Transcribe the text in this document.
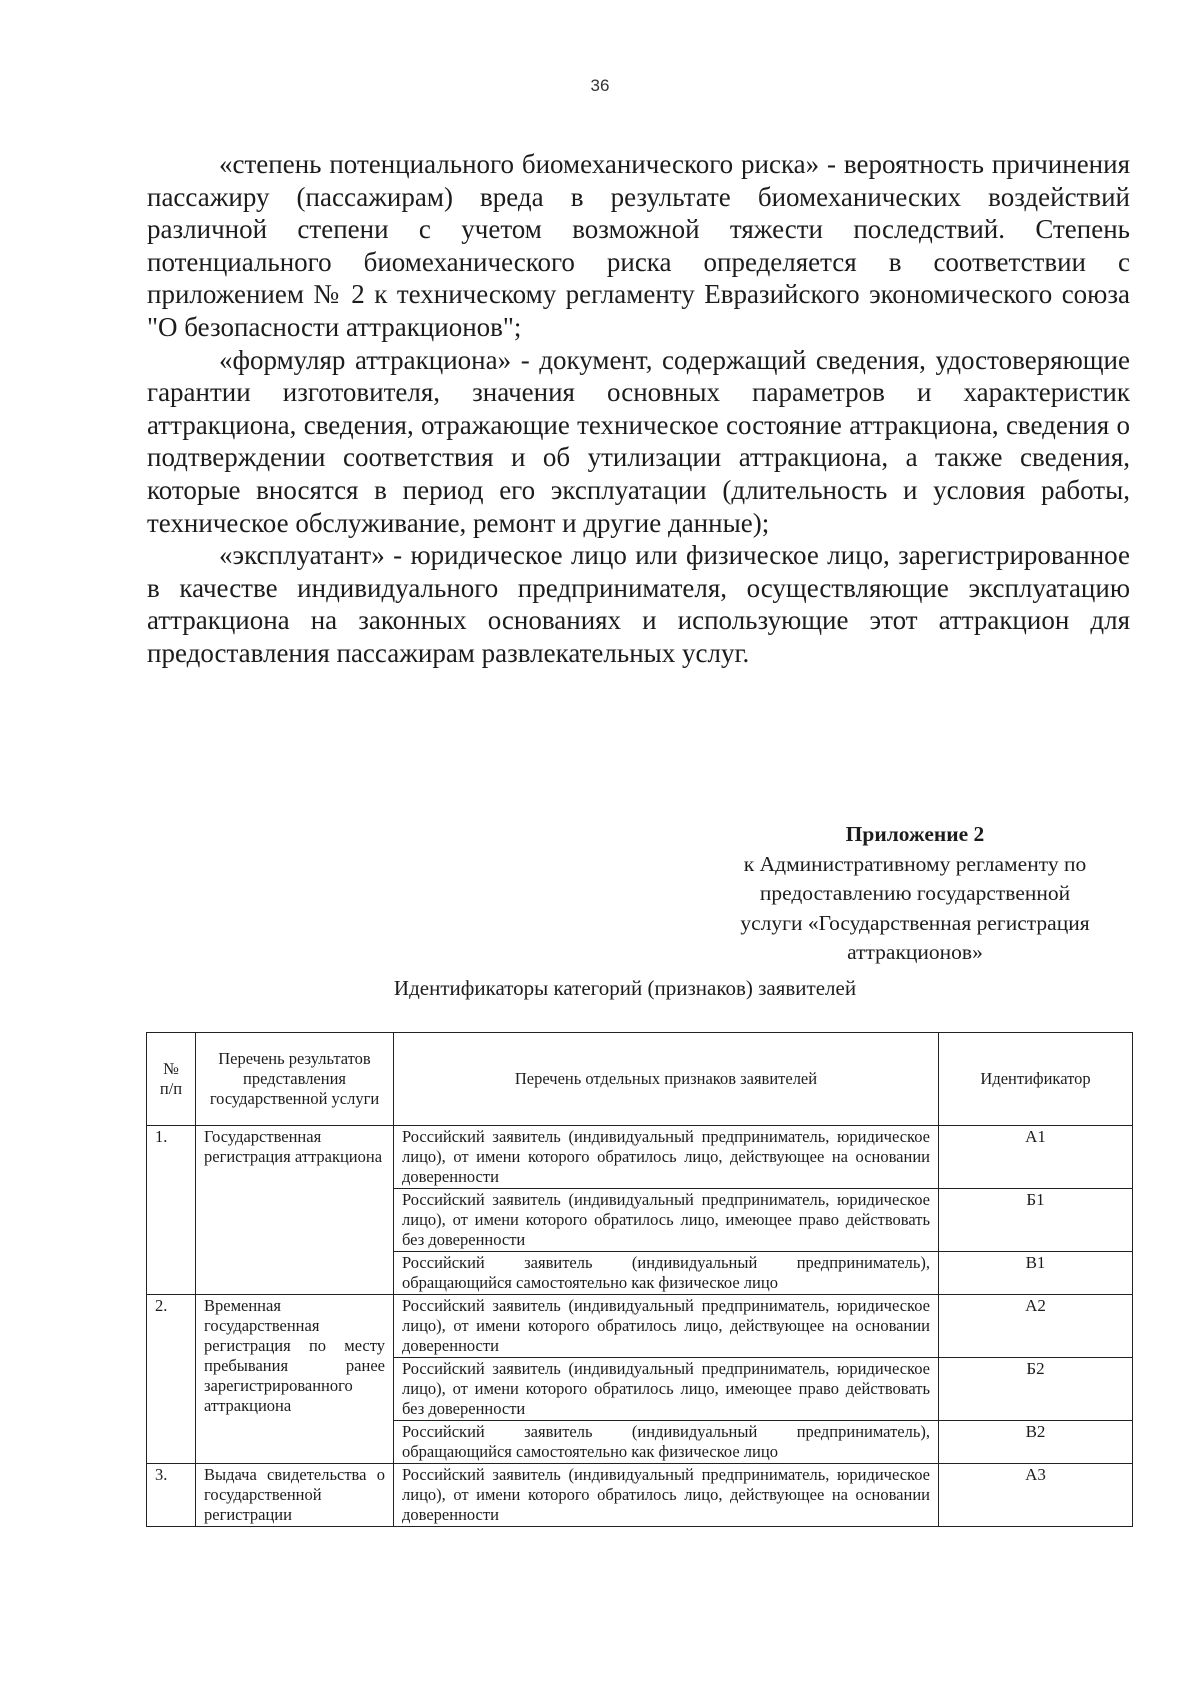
36

«степень потенциального биомеханического риска» - вероятность причинения пассажиру (пассажирам) вреда в результате биомеханических воздействий различной степени с учетом возможной тяжести последствий. Степень потенциального биомеханического риска определяется в соответствии с приложением № 2 к техническому регламенту Евразийского экономического союза "О безопасности аттракционов";

«формуляр аттракциона» - документ, содержащий сведения, удостоверяющие гарантии изготовителя, значения основных параметров и характеристик аттракциона, сведения, отражающие техническое состояние аттракциона, сведения о подтверждении соответствия и об утилизации аттракциона, а также сведения, которые вносятся в период его эксплуатации (длительность и условия работы, техническое обслуживание, ремонт и другие данные);

«эксплуатант» - юридическое лицо или физическое лицо, зарегистрированное в качестве индивидуального предпринимателя, осуществляющие эксплуатацию аттракциона на законных основаниях и использующие этот аттракцион для предоставления пассажирам развлекательных услуг.

Приложение 2
к Административному регламенту по
предоставлению государственной
услуги «Государственная регистрация
аттракционов»
Идентификаторы категорий (признаков) заявителей
№ п/п	Перечень результатов представления государственной услуги	Перечень отдельных признаков заявителей	Идентификатор
1.	Государственная регистрация аттракциона	Российский заявитель (индивидуальный предприниматель, юридическое лицо), от имени которого обратилось лицо, действующее на основании доверенности	А1
		Российский заявитель (индивидуальный предприниматель, юридическое лицо), от имени которого обратилось лицо, имеющее право действовать без доверенности	Б1
		Российский заявитель (индивидуальный предприниматель), обращающийся самостоятельно как физическое лицо	В1
2.	Временная государственная регистрация по месту пребывания ранее зарегистрированного аттракциона	Российский заявитель (индивидуальный предприниматель, юридическое лицо), от имени которого обратилось лицо, действующее на основании доверенности	А2
		Российский заявитель (индивидуальный предприниматель, юридическое лицо), от имени которого обратилось лицо, имеющее право действовать без доверенности	Б2
		Российский заявитель (индивидуальный предприниматель), обращающийся самостоятельно как физическое лицо	В2
3.	Выдача свидетельства о государственной регистрации	Российский заявитель (индивидуальный предприниматель, юридическое лицо), от имени которого обратилось лицо, действующее на основании доверенности	А3
